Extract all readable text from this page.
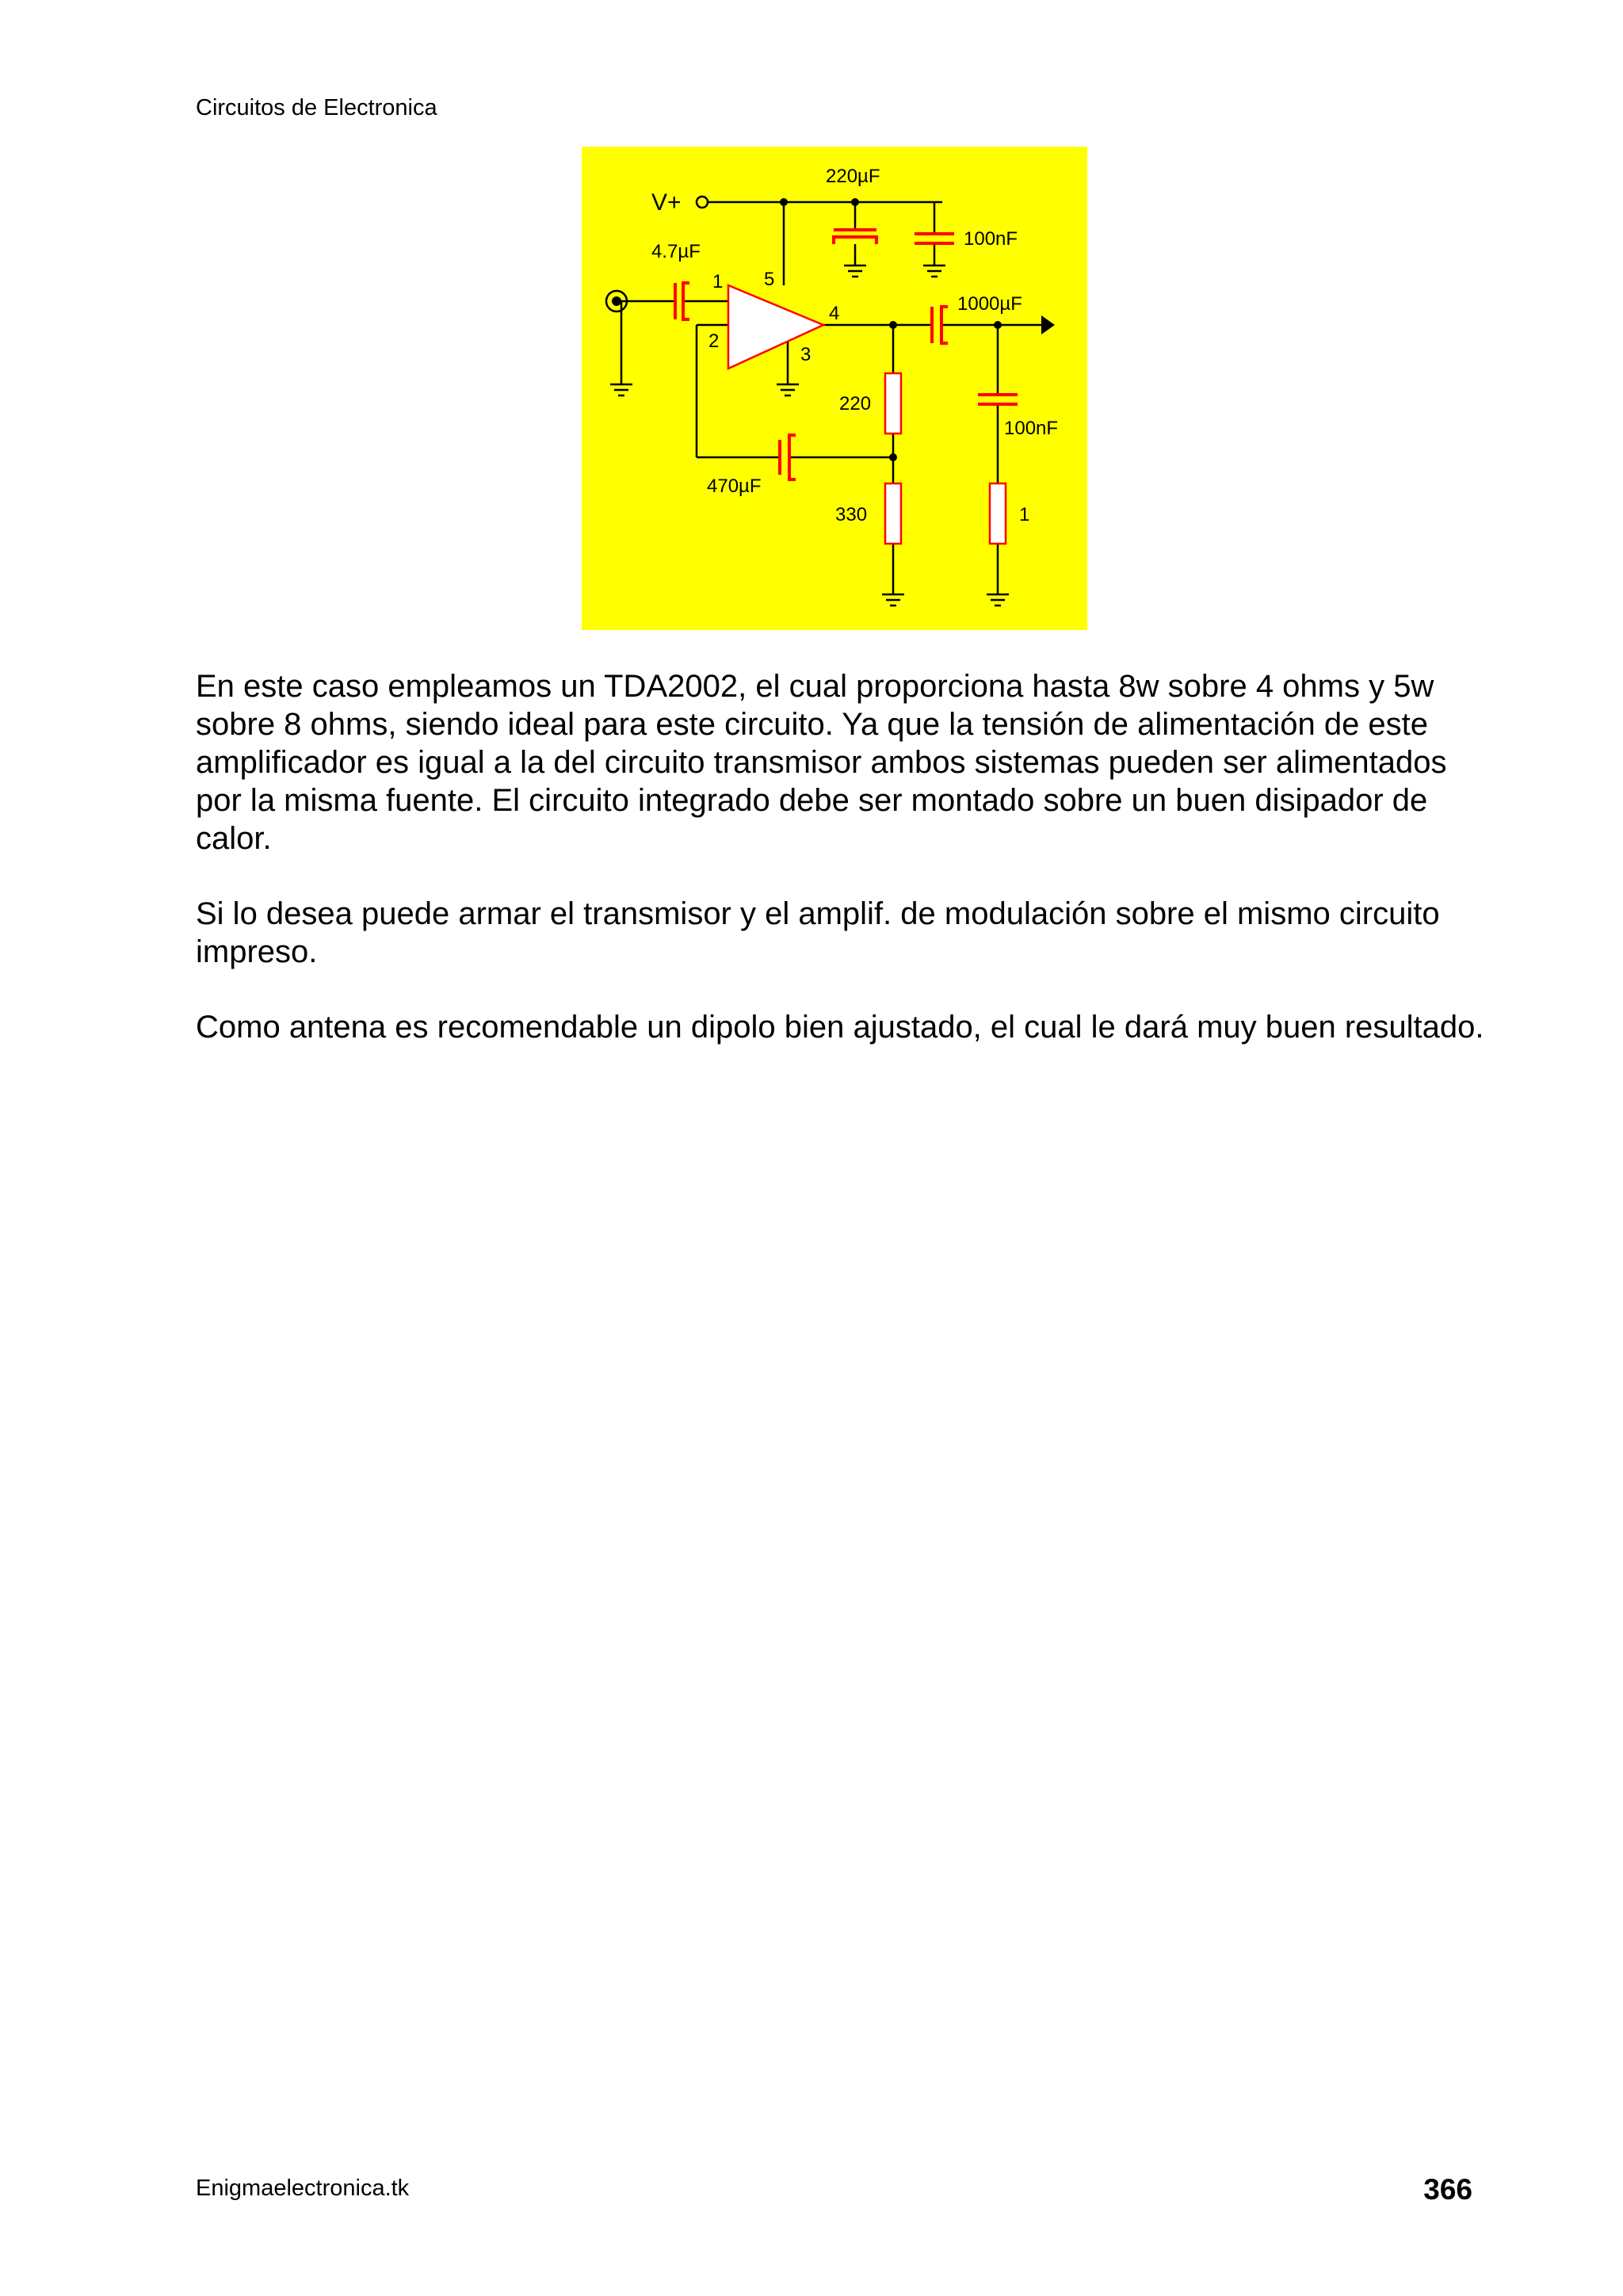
Circuitos de Electronica
V+
220µF
100nF
4.7µF
1 5
2
3
4	1000µF
220
100nF
470µF
330	1

En este caso empleamos un TDA2002, el cual proporciona hasta 8w sobre 4 ohms y 5w sobre 8 ohms, siendo ideal para este circuito. Ya que la tensión de alimentación de este amplificador es igual a la del circuito transmisor ambos sistemas pueden ser alimentados por la misma fuente. El circuito integrado debe ser montado sobre un buen disipador de calor.

Si lo desea puede armar el transmisor y el amplif. de modulación sobre el mismo circuito impreso.

Como antena es recomendable un dipolo bien ajustado, el cual le dará muy buen resultado.

Enigmaelectronica.tk	366
